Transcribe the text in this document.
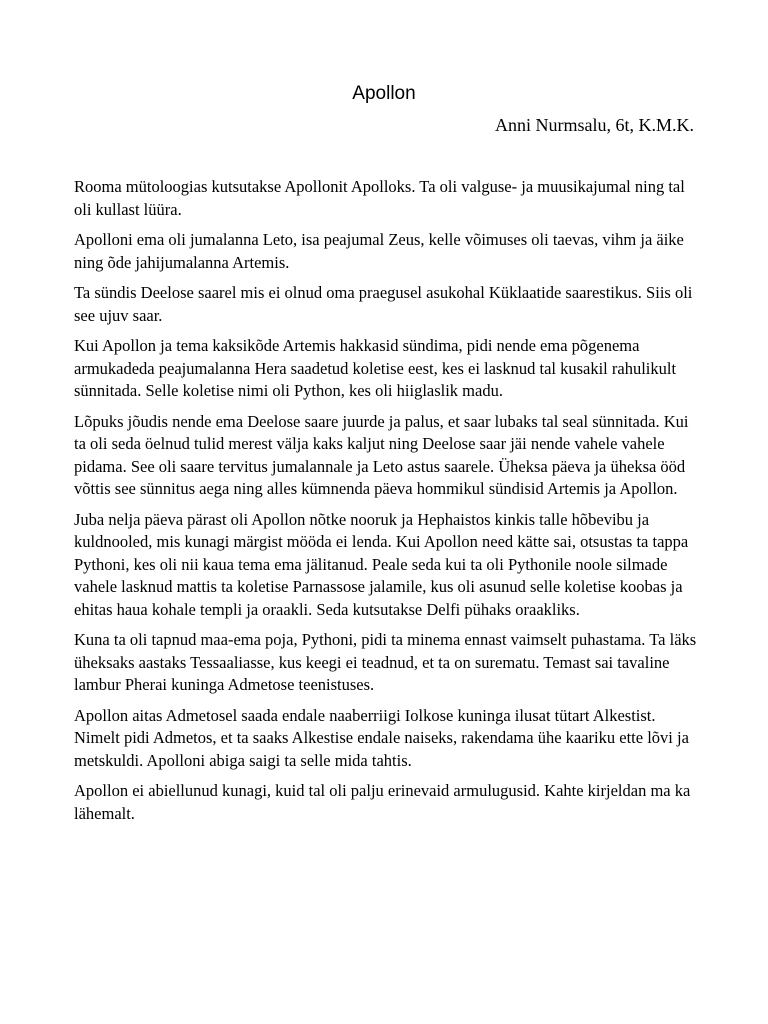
Apollon
Anni Nurmsalu, 6t, K.M.K.

Rooma mütoloogias kutsutakse Apollonit Apolloks. Ta oli valguse- ja muusikajumal ning tal oli kullast lüüra.

Apolloni ema oli jumalanna Leto, isa peajumal Zeus, kelle võimuses oli taevas, vihm ja äike ning õde jahijumalanna Artemis.

Ta sündis Deelose saarel mis ei olnud oma praegusel asukohal Küklaatide saarestikus. Siis oli see ujuv saar.

Kui Apollon ja tema kaksikõde Artemis hakkasid sündima, pidi nende ema põgenema armukadeda peajumalanna Hera saadetud koletise eest, kes ei lasknud tal kusakil rahulikult sünnitada. Selle koletise nimi oli Python, kes oli hiiglaslik madu.

Lõpuks jõudis nende ema Deelose saare juurde ja palus, et saar lubaks tal seal sünnitada. Kui ta oli seda öelnud tulid merest välja kaks kaljut ning Deelose saar jäi nende vahele vahele pidama. See oli saare tervitus jumalannale ja Leto astus saarele. Üheksa päeva ja üheksa ööd võttis see sünnitus aega ning alles kümnenda päeva hommikul sündisid Artemis ja Apollon.

Juba nelja päeva pärast oli Apollon nõtke nooruk ja Hephaistos kinkis talle hõbevibu ja kuldnooled, mis kunagi märgist mööda ei lenda. Kui Apollon need kätte sai, otsustas ta tappa Pythoni, kes oli nii kaua tema ema jälitanud. Peale seda kui ta oli Pythonile noole silmade vahele lasknud mattis ta koletise Parnassose jalamile, kus oli asunud selle koletise koobas ja ehitas haua kohale templi ja oraakli. Seda kutsutakse Delfi pühaks oraakliks.

Kuna ta oli tapnud maa-ema poja, Pythoni, pidi ta minema ennast vaimselt puhastama. Ta läks üheksaks aastaks Tessaaliasse, kus keegi ei teadnud, et ta on surematu. Temast sai tavaline lambur Pherai kuninga Admetose teenistuses.

Apollon aitas Admetosel saada endale naaberriigi Iolkose kuninga ilusat tütart Alkestist. Nimelt pidi Admetos, et ta saaks Alkestise endale naiseks, rakendama ühe kaariku ette lõvi ja metskuldi. Apolloni abiga saigi ta selle mida tahtis.

Apollon ei abiellunud kunagi, kuid tal oli palju erinevaid armulugusid. Kahte kirjeldan ma ka lähemalt.
